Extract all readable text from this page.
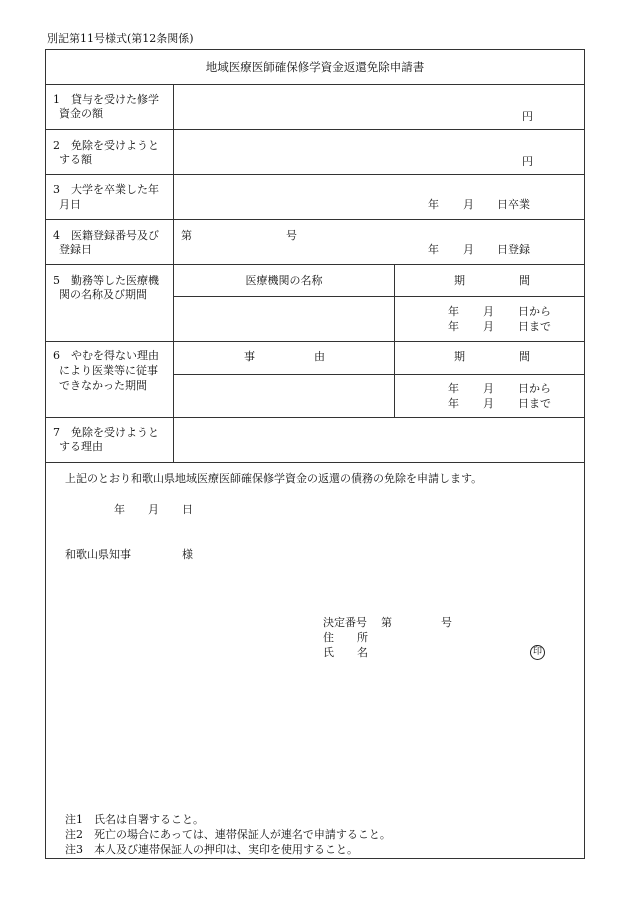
別記第11号様式(第12条関係)
地域医療医師確保修学資金返還免除申請書
1　貸与を受けた修学
資金の額	円
2　免除を受けようと
する額	円
3　大学を卒業した年
月日	年 月 日卒業
4　医籍登録番号及び
登録日
第	号
年 月 日登録
5　勤務等した医療機
関の名称及び期間
医療機関の名称	期	間
年 月 日から
年 月 日まで
6　やむを得ない理由
により医業等に従事
できなかった期間
事	由	期	間
年 月 日から
年 月 日まで
7　免除を受けようと
する理由
上記のとおり和歌山県地域医療医師確保修学資金の返還の債務の免除を申請します。
年 月 日
和歌山県知事	様
決定番号 第	号
住 所
氏 名	印
注1　氏名は自署すること。
注2　死亡の場合にあっては、連帯保証人が連名で申請すること。
注3　本人及び連帯保証人の押印は、実印を使用すること。
